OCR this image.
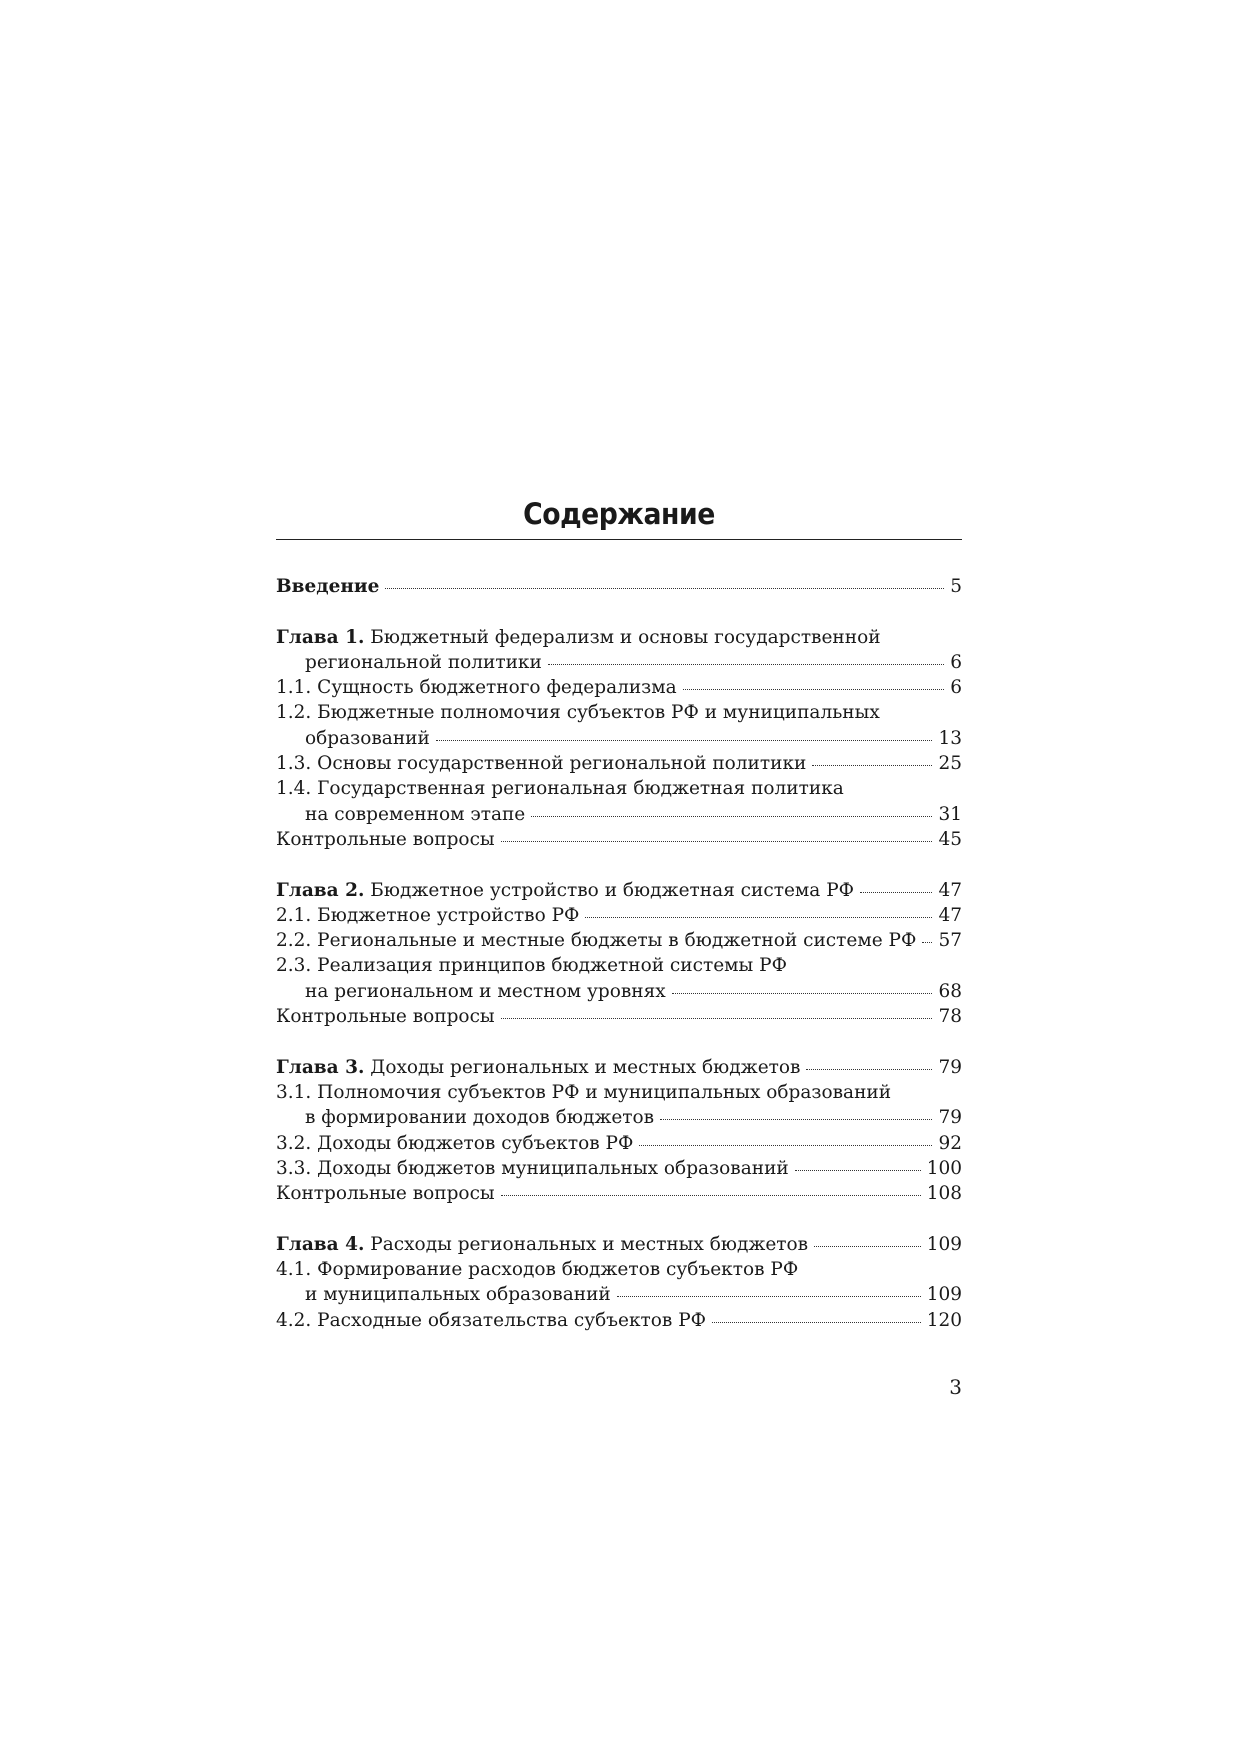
Содержание
Введение	5
Глава 1. Бюджетный федерализм и основы государственной
региональной политики	6
1.1. Сущность бюджетного федерализма	6
1.2. Бюджетные полномочия субъектов РФ и муниципальных
образований	13
1.3. Основы государственной региональной политики	25
1.4. Государственная региональная бюджетная политика
на современном этапе	31
Контрольные вопросы	45
Глава 2. Бюджетное устройство и бюджетная система РФ	47
2.1. Бюджетное устройство РФ	47
2.2. Региональные и местные бюджеты в бюджетной системе РФ 57
2.3. Реализация принципов бюджетной системы РФ
на региональном и местном уровнях	68
Контрольные вопросы	78
Глава 3. Доходы региональных и местных бюджетов	79
3.1. Полномочия субъектов РФ и муниципальных образований
в формировании доходов бюджетов	79
3.2. Доходы бюджетов субъектов РФ	92
3.3. Доходы бюджетов муниципальных образований	100
Контрольные вопросы	108
Глава 4. Расходы региональных и местных бюджетов	109
4.1. Формирование расходов бюджетов субъектов РФ
и муниципальных образований	109
4.2. Расходные обязательства субъектов РФ	120
3
